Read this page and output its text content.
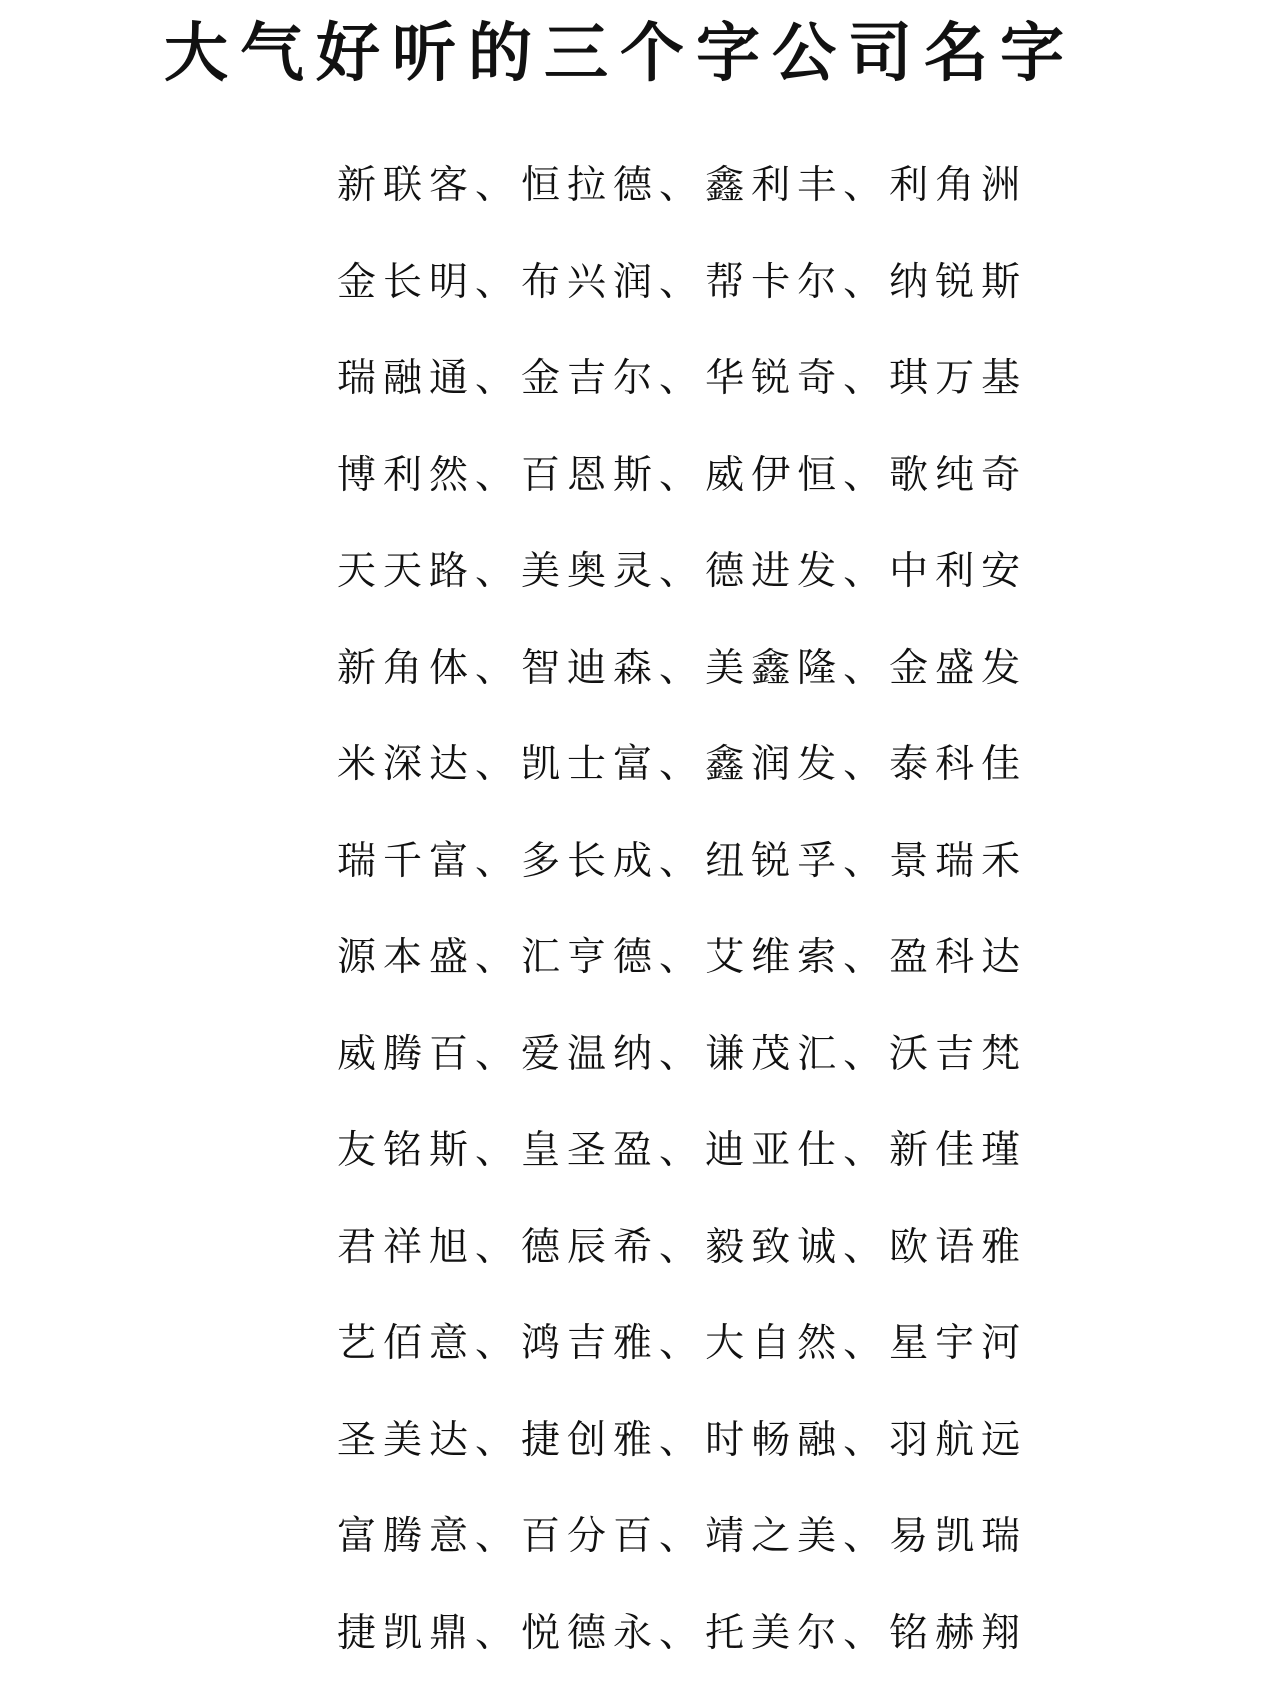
大气好听的三个字公司名字
新联客、恒拉德、鑫利丰、利角洲
金长明、布兴润、帮卡尔、纳锐斯
瑞融通、金吉尔、华锐奇、琪万基
博利然、百恩斯、威伊恒、歌纯奇
天天路、美奥灵、德进发、中利安
新角体、智迪森、美鑫隆、金盛发
米深达、凯士富、鑫润发、泰科佳
瑞千富、多长成、纽锐孚、景瑞禾
源本盛、汇亨德、艾维索、盈科达
威腾百、爱温纳、谦茂汇、沃吉梵
友铭斯、皇圣盈、迪亚仕、新佳瑾
君祥旭、德辰希、毅致诚、欧语雅
艺佰意、鸿吉雅、大自然、星宇河
圣美达、捷创雅、时畅融、羽航远
富腾意、百分百、靖之美、易凯瑞
捷凯鼎、悦德永、托美尔、铭赫翔
